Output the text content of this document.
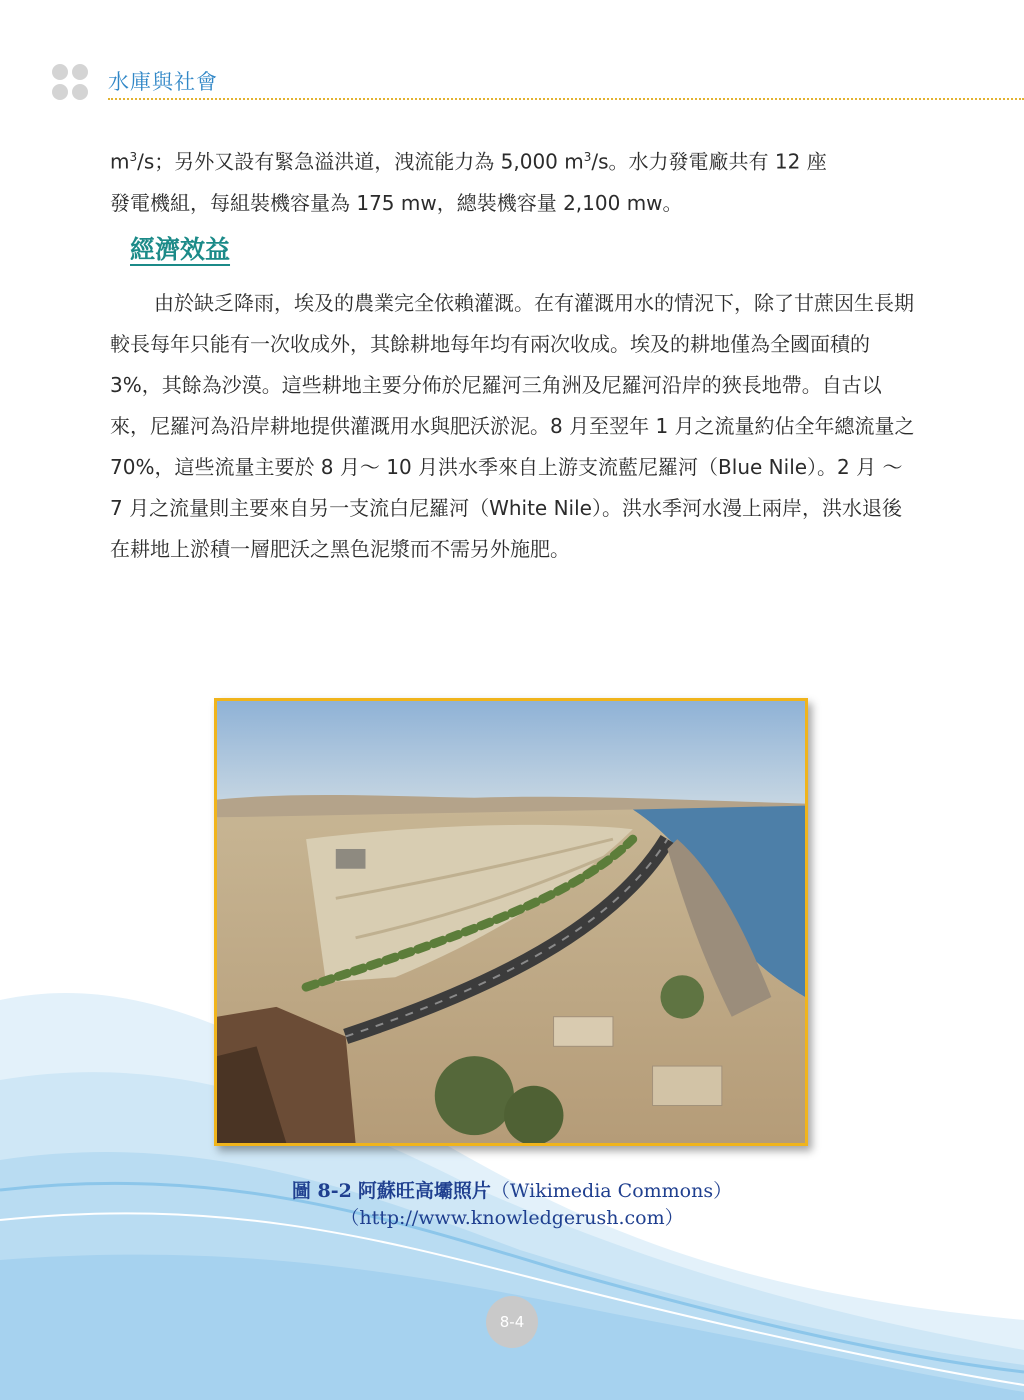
水庫與社會
$m^3/s$；另外又設有緊急溢洪道，洩流能力為 5,000 $m^3/s$。水力發電廠共有 12 座
發電機組，每組裝機容量為 175 mw，總裝機容量 2,100 mw。
經濟效益

由於缺乏降雨，埃及的農業完全依賴灌溉。在有灌溉用水的情況下，除了甘蔗因生長期較長每年只能有一次收成外，其餘耕地每年均有兩次收成。埃及的耕地僅為全國面積的 3%，其餘為沙漠。這些耕地主要分佈於尼羅河三角洲及尼羅河沿岸的狹長地帶。自古以來，尼羅河為沿岸耕地提供灌溉用水與肥沃淤泥。8 月至翌年 1 月之流量約佔全年總流量之 70%，這些流量主要於 8 月～ 10 月洪水季來自上游支流藍尼羅河（Blue Nile）。2 月 ～ 7 月之流量則主要來自另一支流白尼羅河（White Nile）。洪水季河水漫上兩岸，洪水退後在耕地上淤積一層肥沃之黑色泥漿而不需另外施肥。

圖 8-2 阿蘇旺高壩照片（Wikimedia Commons）
（http://www.knowledgerush.com）
8-4
